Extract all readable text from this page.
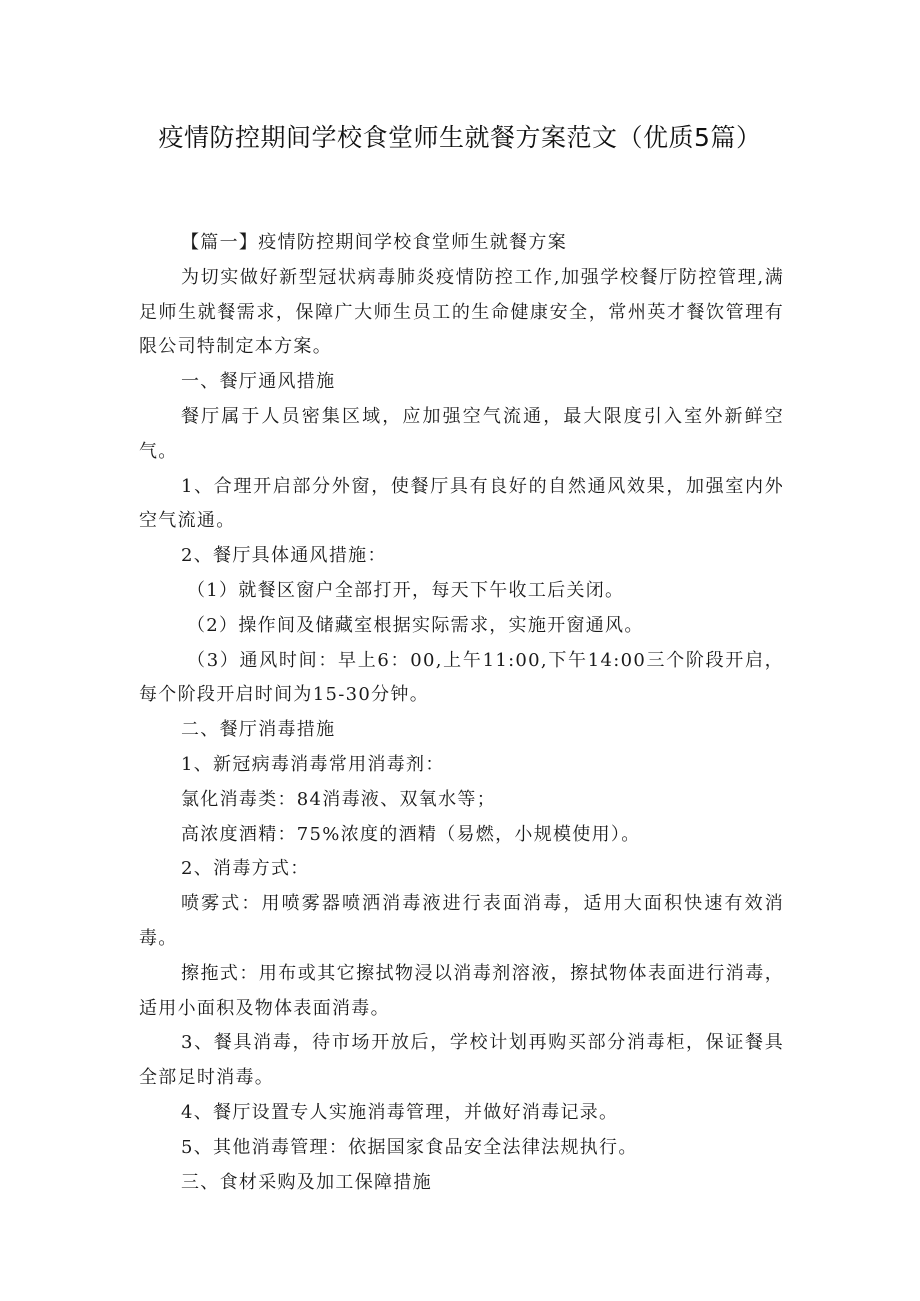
疫情防控期间学校食堂师生就餐方案范文（优质5篇）

【篇一】疫情防控期间学校食堂师生就餐方案

为切实做好新型冠状病毒肺炎疫情防控工作,加强学校餐厅防控管理,满足师生就餐需求，保障广大师生员工的生命健康安全，常州英才餐饮管理有限公司特制定本方案。

一、餐厅通风措施

餐厅属于人员密集区域，应加强空气流通，最大限度引入室外新鲜空气。

1、合理开启部分外窗，使餐厅具有良好的自然通风效果，加强室内外空气流通。

2、餐厅具体通风措施：

（1）就餐区窗户全部打开，每天下午收工后关闭。

（2）操作间及储藏室根据实际需求，实施开窗通风。

（3）通风时间：早上6：00,上午11:00,下午14:00三个阶段开启，每个阶段开启时间为15-30分钟。

二、餐厅消毒措施

1、新冠病毒消毒常用消毒剂：

氯化消毒类：84消毒液、双氧水等；

高浓度酒精：75%浓度的酒精（易燃，小规模使用）。

2、消毒方式：

喷雾式：用喷雾器喷洒消毒液进行表面消毒，适用大面积快速有效消毒。

擦拖式：用布或其它擦拭物浸以消毒剂溶液，擦拭物体表面进行消毒，适用小面积及物体表面消毒。

3、餐具消毒，待市场开放后，学校计划再购买部分消毒柜，保证餐具全部足时消毒。

4、餐厅设置专人实施消毒管理，并做好消毒记录。

5、其他消毒管理：依据国家食品安全法律法规执行。

三、食材采购及加工保障措施
